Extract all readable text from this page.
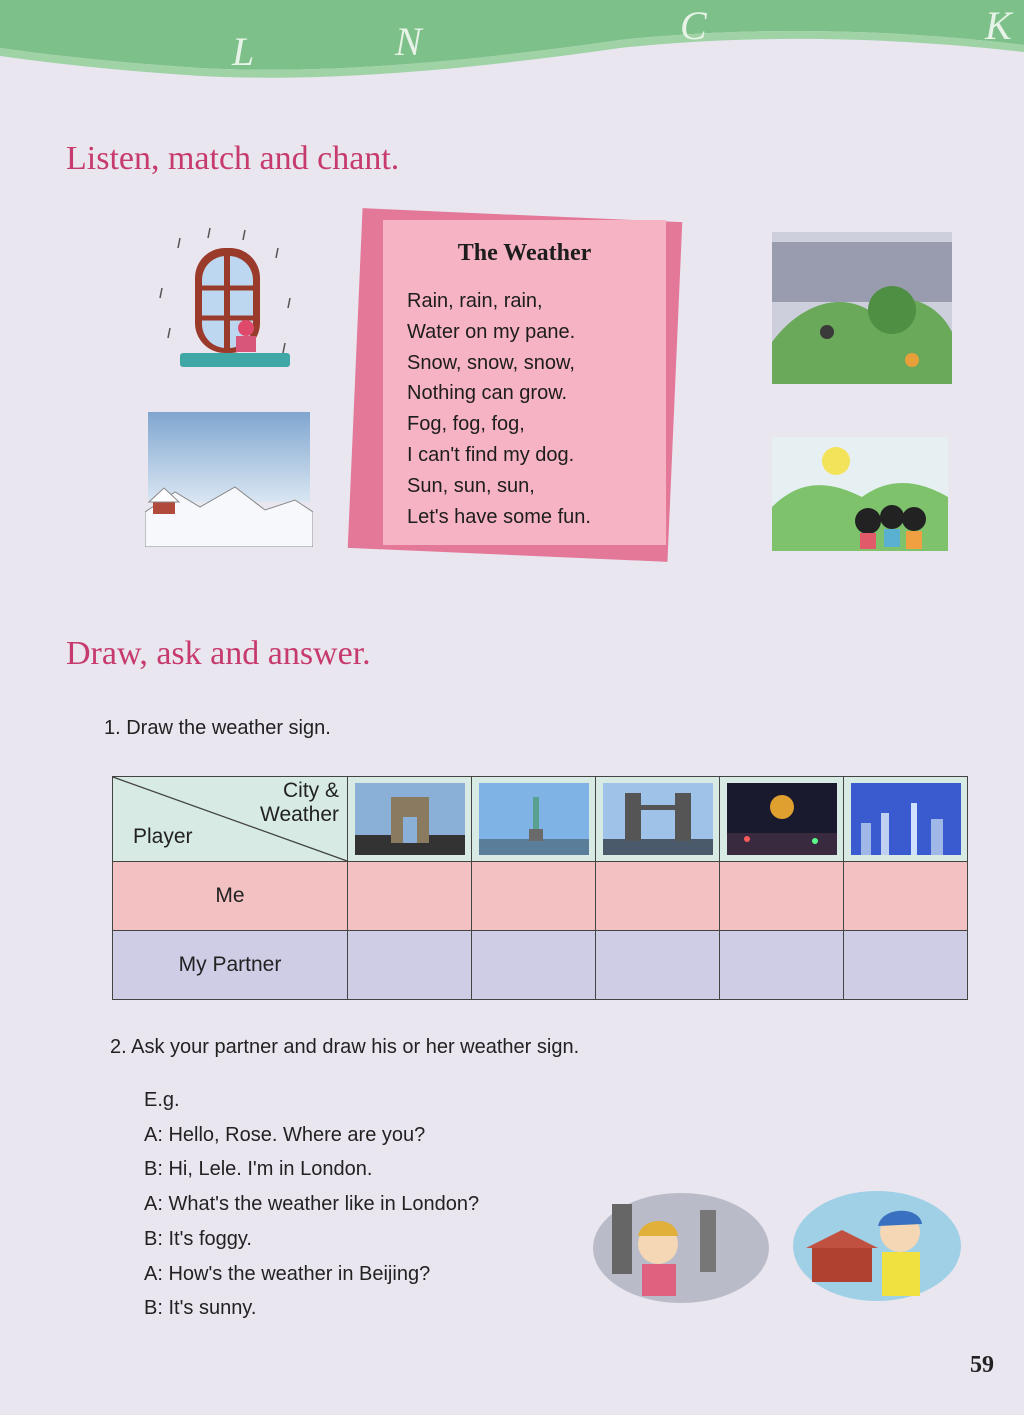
L	N	C	K
Listen, match and chant.
The Weather
Rain, rain, rain,
Water on my pane.
Snow, snow, snow,
Nothing can grow.
Fog, fog, fog,
I can't find my dog.
Sun, sun, sun,
Let's have some fun.
Draw, ask and answer.
1. Draw the weather sign.
City &
Weather
Player

Me					
My Partner					
2. Ask your partner and draw his or her weather sign.
E.g.
A: Hello, Rose. Where are you?
B: Hi, Lele. I'm in London.
A: What's the weather like in London?
B: It's foggy.
A: How's the weather in Beijing?
B: It's sunny.
59
